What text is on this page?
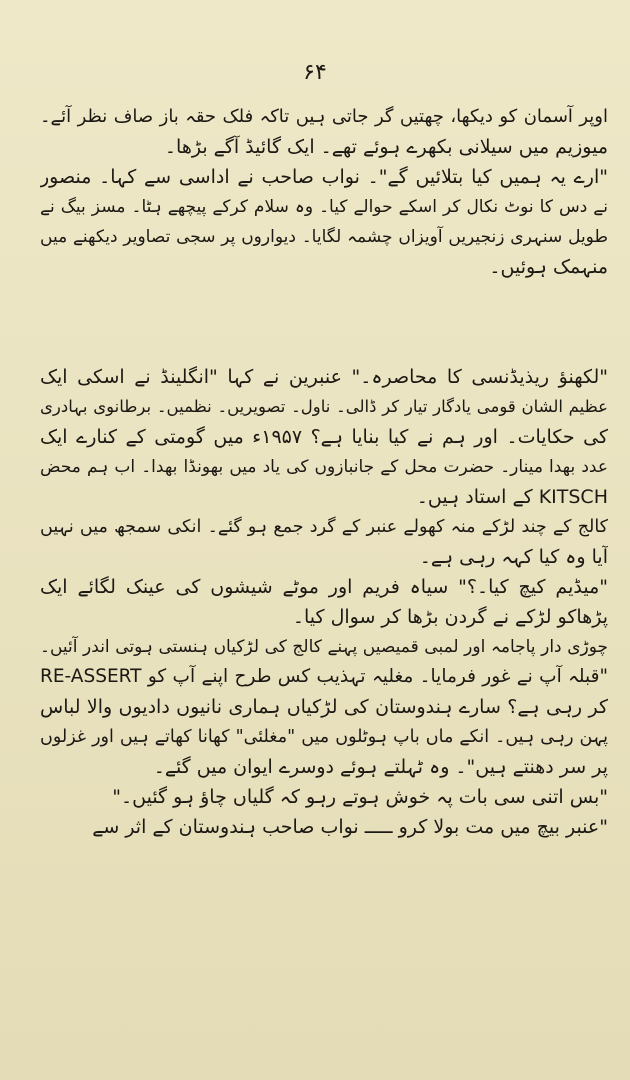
۶۴
اوپر آسمان کو دیکھا، چھتیں گر جاتی ہیں تاکہ فلک حقہ باز صاف نظر آئے۔
میوزیم میں سیلانی بکھرے ہوئے تھے۔ ایک گائیڈ آگے بڑھا۔
"ارے یہ ہمیں کیا بتلائیں گے"۔ نواب صاحب نے اداسی سے کہا۔ منصور
نے دس کا نوٹ نکال کر اسکے حوالے کیا۔ وہ سلام کرکے پیچھے ہٹا۔ مسز بیگ نے
طویل سنہری زنجیریں آویزاں چشمہ لگایا۔ دیواروں پر سجی تصاویر دیکھنے میں
منہمک ہوئیں۔
"لکھنؤ ریذیڈنسی کا محاصرہ۔" عنبرین نے کہا "انگلینڈ نے اسکی ایک
عظیم الشان قومی یادگار تیار کر ڈالی۔ ناول۔ تصویریں۔ نظمیں۔ برطانوی بہادری
کی حکایات۔ اور ہم نے کیا بنایا ہے؟ ۱۹۵۷ء میں گومتی کے کنارے ایک
عدد بھدا مینار۔ حضرت محل کے جانبازوں کی یاد میں بھونڈا بھدا۔ اب ہم محض
KITSCH کے استاد ہیں۔
کالج کے چند لڑکے منہ کھولے عنبر کے گرد جمع ہو گئے۔ انکی سمجھ میں نہیں
آیا وہ کیا کہہ رہی ہے۔
"میڈیم کیچ کیا۔؟" سیاہ فریم اور موٹے شیشوں کی عینک لگائے ایک
پڑھاکو لڑکے نے گردن بڑھا کر سوال کیا۔
چوڑی دار پاجامہ اور لمبی قمیصیں پہنے کالج کی لڑکیاں ہنستی ہوتی اندر آئیں۔
"قبلہ آپ نے غور فرمایا۔ مغلیہ تہذیب کس طرح اپنے آپ کو RE-ASSERT
کر رہی ہے؟ سارے ہندوستان کی لڑکیاں ہماری نانیوں دادیوں والا لباس
پہن رہی ہیں۔ انکے ماں باپ ہوٹلوں میں "مغلئی" کھانا کھاتے ہیں اور غزلوں
پر سر دھنتے ہیں"۔ وہ ٹہلتے ہوئے دوسرے ایوان میں گئے۔
"بس اتنی سی بات پہ خوش ہوتے رہو کہ گلیاں چاؤ ہو گئیں۔"
"عنبر بیچ میں مت بولا کرو ـــــ نواب صاحب ہندوستان کے اثر سے
